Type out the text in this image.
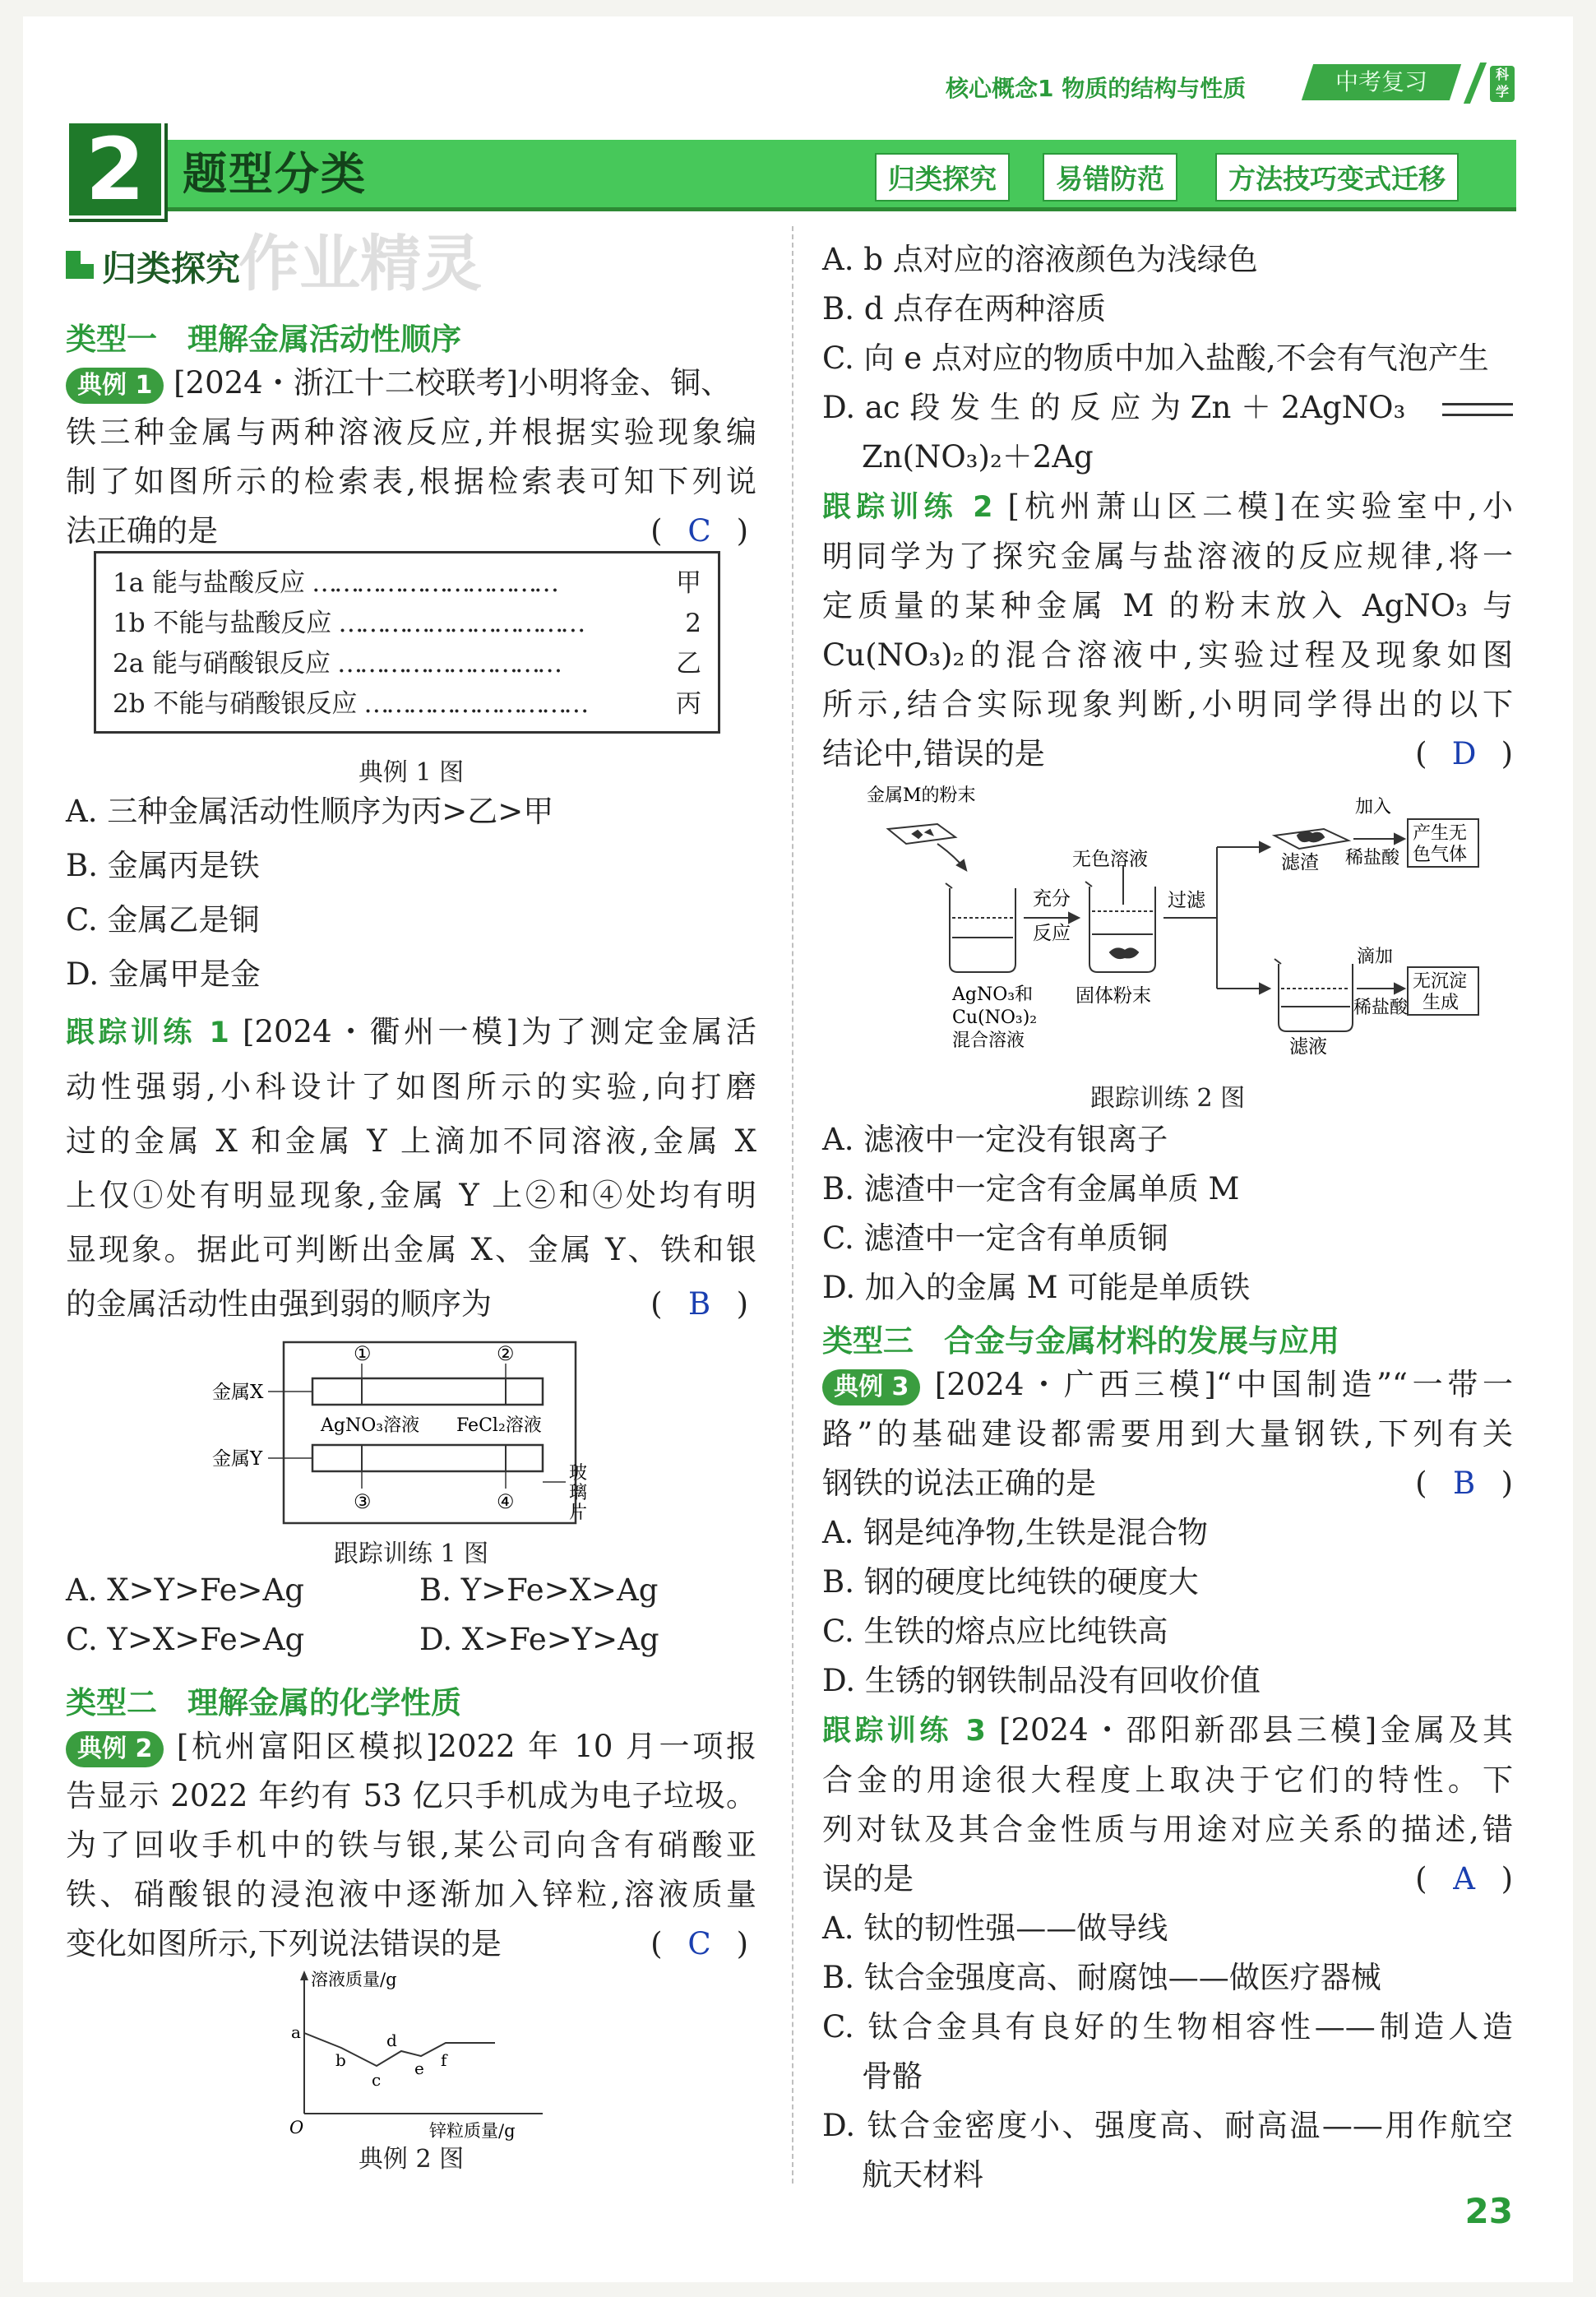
核心概念1 物质的结构与性质	中考复习	科学
2 题型分类	归类探究	易错防范	方法技巧变式迁移
作业精灵
归类探究
类型一　理解金属活动性顺序
典例 1 [2024・浙江十二校联考]小明将金、铜、
铁三种金属与两种溶液反应,并根据实验现象编
制了如图所示的检索表,根据检索表可知下列说
法正确的是	( C )
1a 能与盐酸反应 ……………………………	甲
1b 不能与盐酸反应 ……………………………	2
2a 能与硝酸银反应 …………………………	乙
2b 不能与硝酸银反应 …………………………	丙
典例 1 图
A. 三种金属活动性顺序为丙>乙>甲
B. 金属丙是铁
C. 金属乙是铜
D. 金属甲是金
跟踪训练 1 [2024・衢州一模]为了测定金属活
动性强弱,小科设计了如图所示的实验,向打磨
过的金属 X 和金属 Y 上滴加不同溶液,金属 X
上仅①处有明显现象,金属 Y 上②和④处均有明
显现象。据此可判断出金属 X、金属 Y、铁和银
的金属活动性由强到弱的顺序为	( B )
①	②
③	④
金属X
金属Y
AgNO₃溶液 FeCl₂溶液
玻
璃
片
跟踪训练 1 图
A. X>Y>Fe>Ag	B. Y>Fe>X>Ag
C. Y>X>Fe>Ag	D. X>Fe>Y>Ag
类型二　理解金属的化学性质
典例 2 [杭州富阳区模拟]2022 年 10 月一项报
告显示 2022 年约有 53 亿只手机成为电子垃圾。
为了回收手机中的铁与银,某公司向含有硝酸亚
铁、硝酸银的浸泡液中逐渐加入锌粒,溶液质量
变化如图所示,下列说法错误的是	( C )
溶液质量/g
锌粒质量/g
O
a
b
c
d
e f
典例 2 图
A. b 点对应的溶液颜色为浅绿色
B. d 点存在两种溶质
C. 向 e 点对应的物质中加入盐酸,不会有气泡产生
D. ac 段 发 生 的 反 应 为 Zn ＋ 2AgNO₃
Zn(NO₃)₂＋2Ag
跟踪训练 2 [杭州萧山区二模]在实验室中,小
明同学为了探究金属与盐溶液的反应规律,将一
定质量的某种金属 M 的粉末放入 AgNO₃ 与
Cu(NO₃)₂的混合溶液中,实验过程及现象如图
所示,结合实际现象判断,小明同学得出的以下
结论中,错误的是	( D )
金属M的粉末
无色溶液
充分
反应
过滤
AgNO₃和
Cu(NO₃)₂
混合溶液
固体粉末
滤渣
滤液
加入
稀盐酸
滴加
稀盐酸
产生无
色气体
无沉淀
生成
跟踪训练 2 图
A. 滤液中一定没有银离子
B. 滤渣中一定含有金属单质 M
C. 滤渣中一定含有单质铜
D. 加入的金属 M 可能是单质铁
类型三　合金与金属材料的发展与应用
典例 3 [2024・广西三模]“中国制造”“一带一
路”的基础建设都需要用到大量钢铁,下列有关
钢铁的说法正确的是	( B )
A. 钢是纯净物,生铁是混合物
B. 钢的硬度比纯铁的硬度大
C. 生铁的熔点应比纯铁高
D. 生锈的钢铁制品没有回收价值
跟踪训练 3 [2024・邵阳新邵县三模]金属及其
合金的用途很大程度上取决于它们的特性。下
列对钛及其合金性质与用途对应关系的描述,错
误的是	( A )
A. 钛的韧性强——做导线
B. 钛合金强度高、耐腐蚀——做医疗器械
C. 钛合金具有良好的生物相容性——制造人造
骨骼
D. 钛合金密度小、强度高、耐高温——用作航空
航天材料
23
